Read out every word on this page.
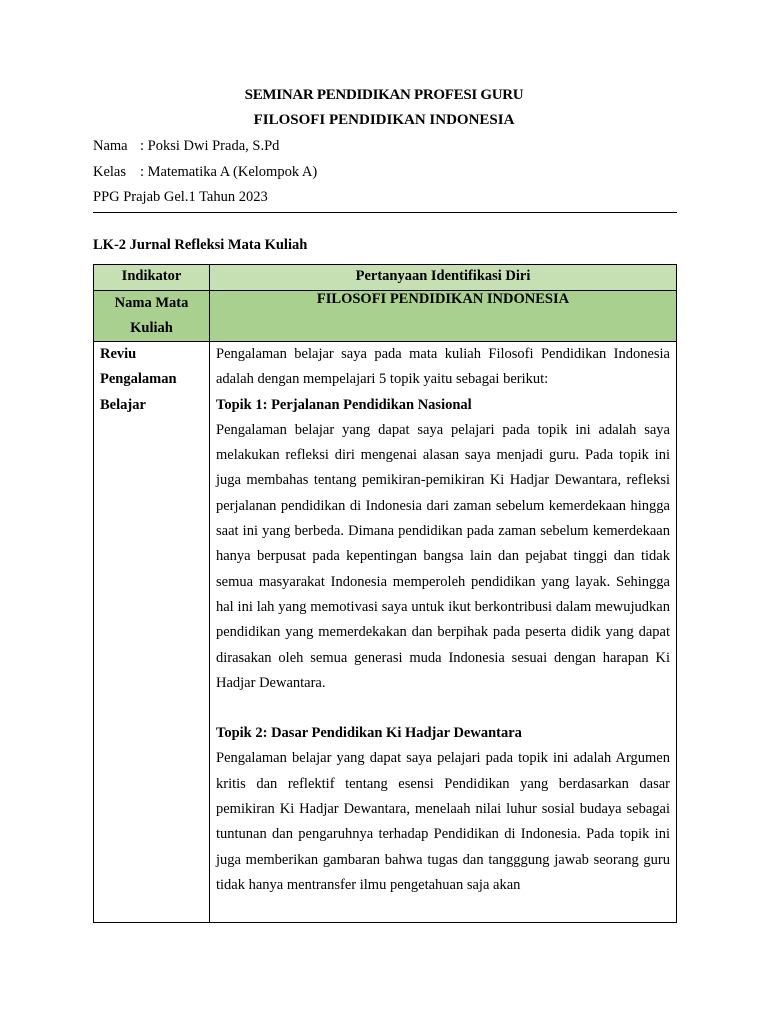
SEMINAR PENDIDIKAN PROFESI GURU
FILOSOFI PENDIDIKAN INDONESIA
Nama : Poksi Dwi Prada, S.Pd
Kelas : Matematika A (Kelompok A)
PPG Prajab Gel.1 Tahun 2023
LK-2 Jurnal Refleksi Mata Kuliah
Indikator	Pertanyaan Identifikasi Diri
Nama Mata Kuliah	FILOSOFI PENDIDIKAN INDONESIA
Reviu Pengalaman Belajar	Pengalaman belajar saya pada mata kuliah Filosofi Pendidikan Indonesia adalah dengan mempelajari 5 topik yaitu sebagai berikut:

Topik 1: Perjalanan Pendidikan Nasional

Pengalaman belajar yang dapat saya pelajari pada topik ini adalah saya melakukan refleksi diri mengenai alasan saya menjadi guru. Pada topik ini juga membahas tentang pemikiran-pemikiran Ki Hadjar Dewantara, refleksi perjalanan pendidikan di Indonesia dari zaman sebelum kemerdekaan hingga saat ini yang berbeda. Dimana pendidikan pada zaman sebelum kemerdekaan hanya berpusat pada kepentingan bangsa lain dan pejabat tinggi dan tidak semua masyarakat Indonesia memperoleh pendidikan yang layak. Sehingga hal ini lah yang memotivasi saya untuk ikut berkontribusi dalam mewujudkan pendidikan yang memerdekakan dan berpihak pada peserta didik yang dapat dirasakan oleh semua generasi muda Indonesia sesuai dengan harapan Ki Hadjar Dewantara.

Topik 2: Dasar Pendidikan Ki Hadjar Dewantara

Pengalaman belajar yang dapat saya pelajari pada topik ini adalah Argumen kritis dan reflektif tentang esensi Pendidikan yang berdasarkan dasar pemikiran Ki Hadjar Dewantara, menelaah nilai luhur sosial budaya sebagai tuntunan dan pengaruhnya terhadap Pendidikan di Indonesia. Pada topik ini juga memberikan gambaran bahwa tugas dan tangggung jawab seorang guru tidak hanya mentransfer ilmu pengetahuan saja akan
